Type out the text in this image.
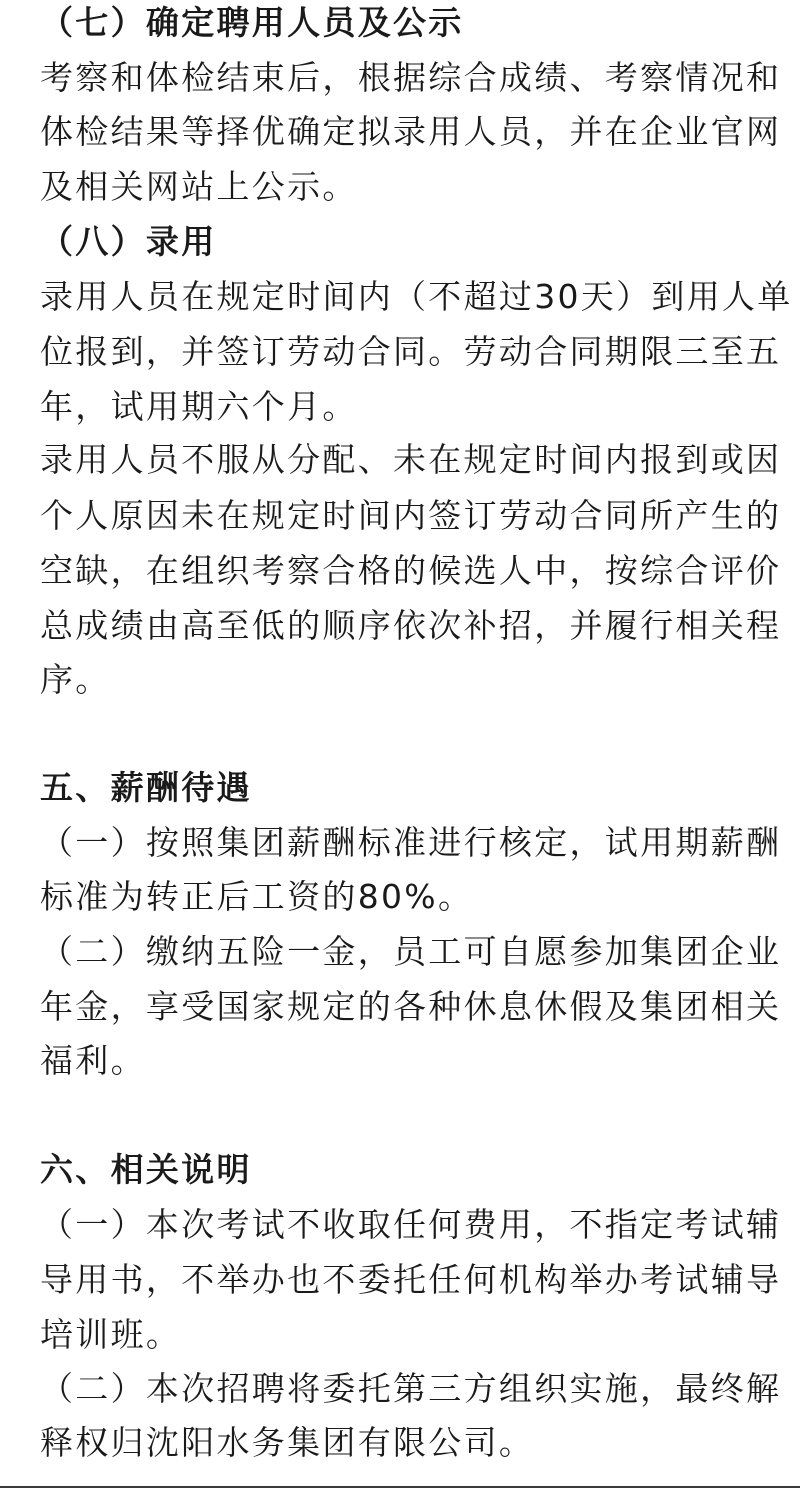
（七）确定聘用人员及公示
考察和体检结束后，根据综合成绩、考察情况和
体检结果等择优确定拟录用人员，并在企业官网
及相关网站上公示。
（八）录用
录用人员在规定时间内（不超过30天）到用人单
位报到，并签订劳动合同。劳动合同期限三至五
年，试用期六个月。
录用人员不服从分配、未在规定时间内报到或因
个人原因未在规定时间内签订劳动合同所产生的
空缺，在组织考察合格的候选人中，按综合评价
总成绩由高至低的顺序依次补招，并履行相关程
序。
五、薪酬待遇
（一）按照集团薪酬标准进行核定，试用期薪酬
标准为转正后工资的80%。
（二）缴纳五险一金，员工可自愿参加集团企业
年金，享受国家规定的各种休息休假及集团相关
福利。
六、相关说明
（一）本次考试不收取任何费用，不指定考试辅
导用书，不举办也不委托任何机构举办考试辅导
培训班。
（二）本次招聘将委托第三方组织实施，最终解
释权归沈阳水务集团有限公司。
